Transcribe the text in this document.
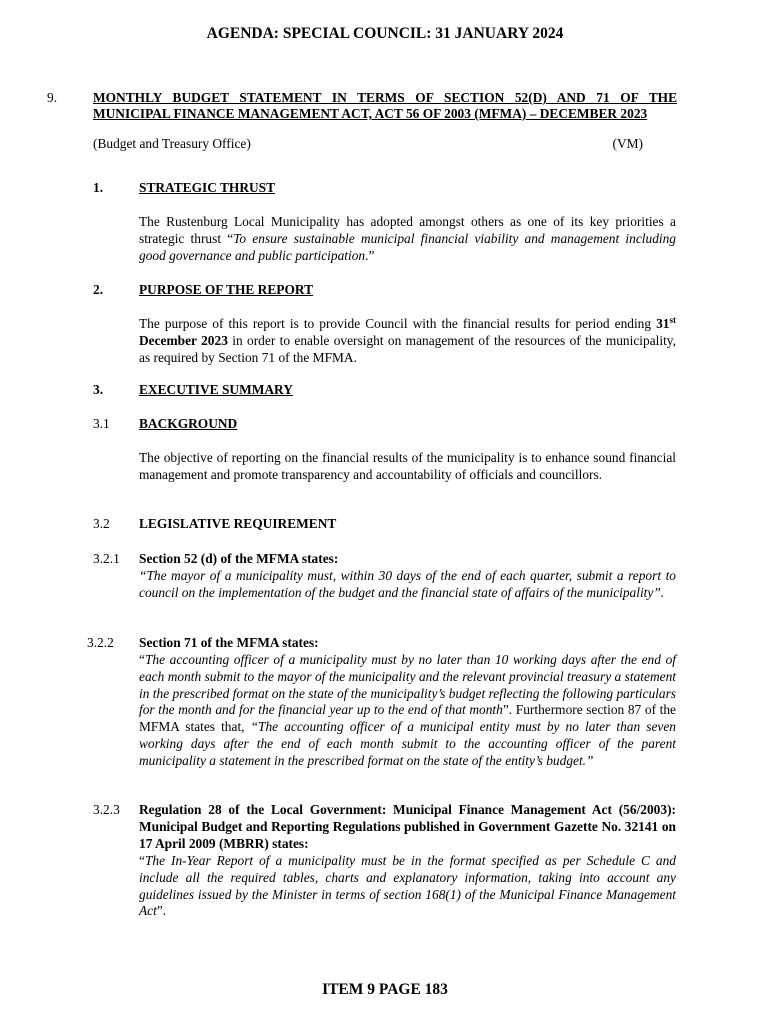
AGENDA: SPECIAL COUNCIL: 31 JANUARY 2024
9.	MONTHLY BUDGET STATEMENT IN TERMS OF SECTION 52(D) AND 71 OF THE MUNICIPAL FINANCE MANAGEMENT ACT, ACT 56 OF 2003 (MFMA) – DECEMBER 2023
(Budget and Treasury Office)	(VM)
1.	STRATEGIC THRUST
The Rustenburg Local Municipality has adopted amongst others as one of its key priorities a strategic thrust “To ensure sustainable municipal financial viability and management including good governance and public participation.”
2.	PURPOSE OF THE REPORT
The purpose of this report is to provide Council with the financial results for period ending 31st December 2023 in order to enable oversight on management of the resources of the municipality, as required by Section 71 of the MFMA.
3.	EXECUTIVE SUMMARY
3.1 BACKGROUND
The objective of reporting on the financial results of the municipality is to enhance sound financial management and promote transparency and accountability of officials and councillors.
3.2 LEGISLATIVE REQUIREMENT
3.2.1 Section 52 (d) of the MFMA states:
“The mayor of a municipality must, within 30 days of the end of each quarter, submit a report to council on the implementation of the budget and the financial state of affairs of the municipality”.
3.2.2 Section 71 of the MFMA states:
“The accounting officer of a municipality must by no later than 10 working days after the end of each month submit to the mayor of the municipality and the relevant provincial treasury a statement in the prescribed format on the state of the municipality’s budget reflecting the following particulars for the month and for the financial year up to the end of that month”. Furthermore section 87 of the MFMA states that, “The accounting officer of a municipal entity must by no later than seven working days after the end of each month submit to the accounting officer of the parent municipality a statement in the prescribed format on the state of the entity’s budget.”
3.2.3 Regulation 28 of the Local Government: Municipal Finance Management Act (56/2003): Municipal Budget and Reporting Regulations published in Government Gazette No. 32141 on 17 April 2009 (MBRR) states:
“The In-Year Report of a municipality must be in the format specified as per Schedule C and include all the required tables, charts and explanatory information, taking into account any guidelines issued by the Minister in terms of section 168(1) of the Municipal Finance Management Act”.
ITEM 9 PAGE 183
